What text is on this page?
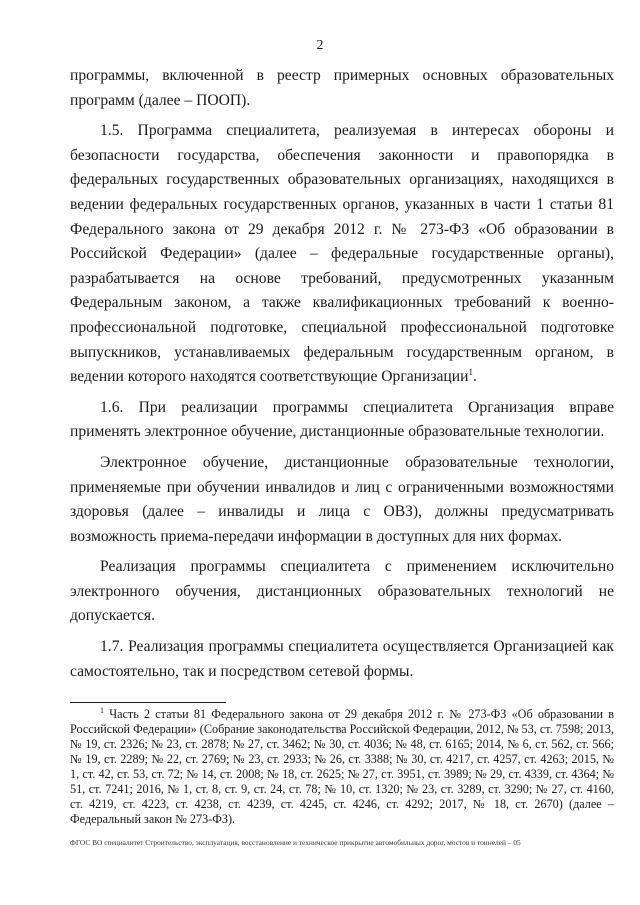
2

программы, включенной в реестр примерных основных образовательных программ (далее – ПООП).

1.5. Программа специалитета, реализуемая в интересах обороны и безопасности государства, обеспечения законности и правопорядка в федеральных государственных образовательных организациях, находящихся в ведении федеральных государственных органов, указанных в части 1 статьи 81 Федерального закона от 29 декабря 2012 г. № 273-ФЗ «Об образовании в Российской Федерации» (далее – федеральные государственные органы), разрабатывается на основе требований, предусмотренных указанным Федеральным законом, а также квалификационных требований к военно-профессиональной подготовке, специальной профессиональной подготовке выпускников, устанавливаемых федеральным государственным органом, в ведении которого находятся соответствующие Организации$^1$.

1.6. При реализации программы специалитета Организация вправе применять электронное обучение, дистанционные образовательные технологии.

Электронное обучение, дистанционные образовательные технологии, применяемые при обучении инвалидов и лиц с ограниченными возможностями здоровья (далее – инвалиды и лица с ОВЗ), должны предусматривать возможность приема-передачи информации в доступных для них формах.

Реализация программы специалитета с применением исключительно электронного обучения, дистанционных образовательных технологий не допускается.

1.7. Реализация программы специалитета осуществляется Организацией как самостоятельно, так и посредством сетевой формы.

$^1$ Часть 2 статьи 81 Федерального закона от 29 декабря 2012 г. № 273-ФЗ «Об образовании в Российской Федерации» (Собрание законодательства Российской Федерации, 2012, № 53, ст. 7598; 2013, № 19, ст. 2326; № 23, ст. 2878; № 27, ст. 3462; № 30, ст. 4036; № 48, ст. 6165; 2014, № 6, ст. 562, ст. 566; № 19, ст. 2289; № 22, ст. 2769; № 23, ст. 2933; № 26, ст. 3388; № 30, ст. 4217, ст. 4257, ст. 4263; 2015, № 1, ст. 42, ст. 53, ст. 72; № 14, ст. 2008; № 18, ст. 2625; № 27, ст. 3951, ст. 3989; № 29, ст. 4339, ст. 4364; № 51, ст. 7241; 2016, № 1, ст. 8, ст. 9, ст. 24, ст. 78; № 10, ст. 1320; № 23, ст. 3289, ст. 3290; № 27, ст. 4160, ст. 4219, ст. 4223, ст. 4238, ст. 4239, ст. 4245, ст. 4246, ст. 4292; 2017, № 18, ст. 2670) (далее – Федеральный закон № 273-ФЗ).

ФГОС ВО специалитет Строительство, эксплуатация, восстановление и техническое прикрытие автомобильных дорог, мостов и тоннелей – 05
